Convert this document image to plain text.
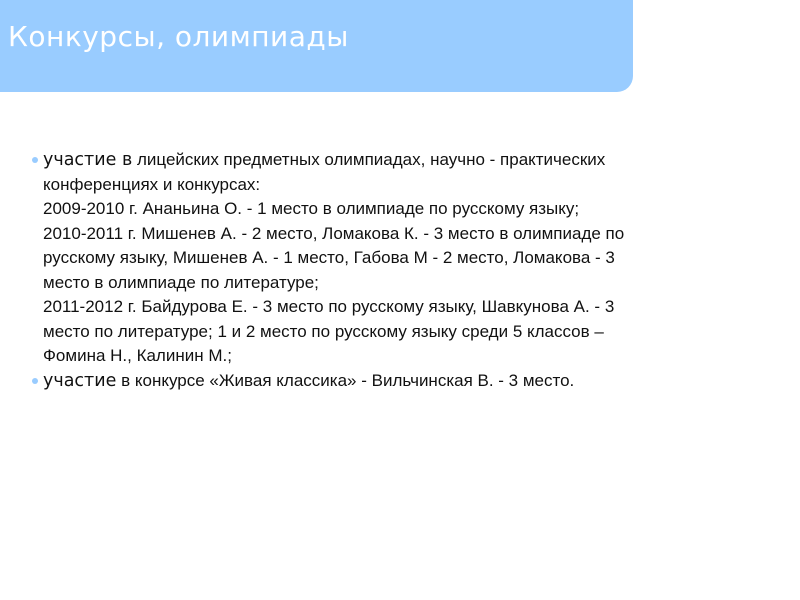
Конкурсы, олимпиады
участие в лицейских предметных олимпиадах, научно - практических
конференциях и конкурсах:
2009-2010 г. Ананьина О. - 1 место в олимпиаде по русскому языку;
2010-2011 г. Мишенев А. - 2 место, Ломакова К. - 3 место в олимпиаде по
русскому языку, Мишенев А. - 1 место, Габова М - 2 место, Ломакова - 3
место в олимпиаде по литературе;
2011-2012 г. Байдурова Е. - 3 место по русскому языку, Шавкунова А. - 3
место по литературе; 1 и 2 место по русскому языку среди 5 классов –
Фомина Н., Калинин М.;
участие в конкурсе «Живая классика» - Вильчинская В. - 3 место.
